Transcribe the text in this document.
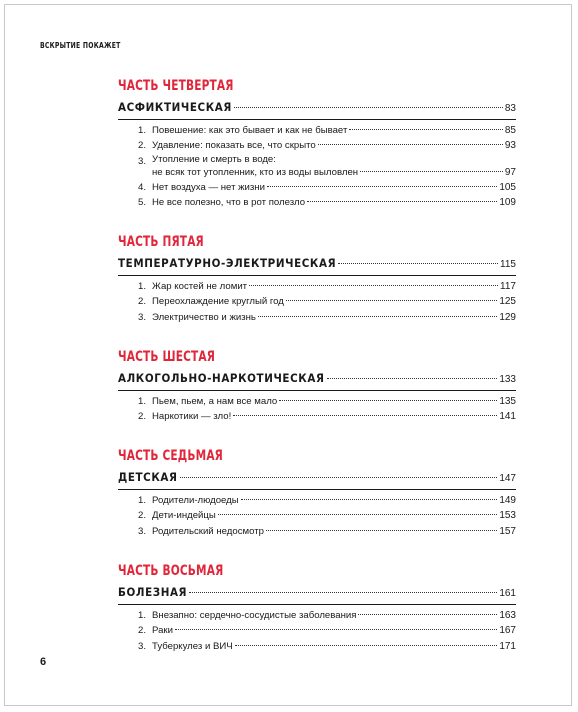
ВСКРЫТИЕ ПОКАЖЕТ
ЧАСТЬ ЧЕТВЕРТАЯ
АСФИКТИЧЕСКАЯ	83
1. Повешение: как это бывает и как не бывает	85
2. Удавление: показать все, что скрыто	93
3. Утопление и смерть в воде:
не всяк тот утопленник, кто из воды выловлен	97
4. Нет воздуха — нет жизни	105
5. Не все полезно, что в рот полезло	109
ЧАСТЬ ПЯТАЯ
ТЕМПЕРАТУРНО-ЭЛЕКТРИЧЕСКАЯ	115
1. Жар костей не ломит	117
2. Переохлаждение круглый год	125
3. Электричество и жизнь	129
ЧАСТЬ ШЕСТАЯ
АЛКОГОЛЬНО-НАРКОТИЧЕСКАЯ	133
1. Пьем, пьем, а нам все мало	135
2. Наркотики — зло!	141
ЧАСТЬ СЕДЬМАЯ
ДЕТСКАЯ	147
1. Родители-людоеды	149
2. Дети-индейцы	153
3. Родительский недосмотр	157
ЧАСТЬ ВОСЬМАЯ
БОЛЕЗНАЯ	161
1. Внезапно: сердечно-сосудистые заболевания	163
2. Раки	167
3. Туберкулез и ВИЧ	171
6
